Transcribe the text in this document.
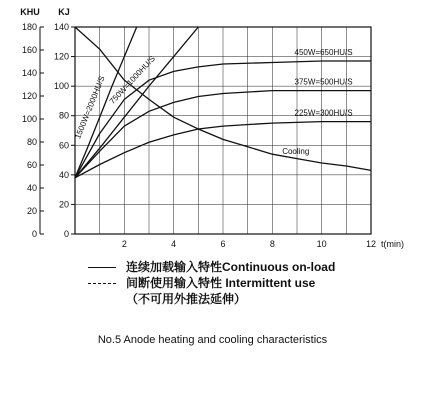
0
20
40
60
80
100
120
140
160
180
KHU
0
20
40
60
80
100
120
140
KJ
2	4	6	8	10	12 t(min)
1500W=2000HU/S 750W=1000HU/S
450W=650HU/S
375W=500HU/S
225W=300HU/S
Cooling
连续加载输入特性Continuous on-load
间断使用输入特性 Intermittent use
（不可用外推法延伸）
No.5 Anode heating and cooling characteristics
